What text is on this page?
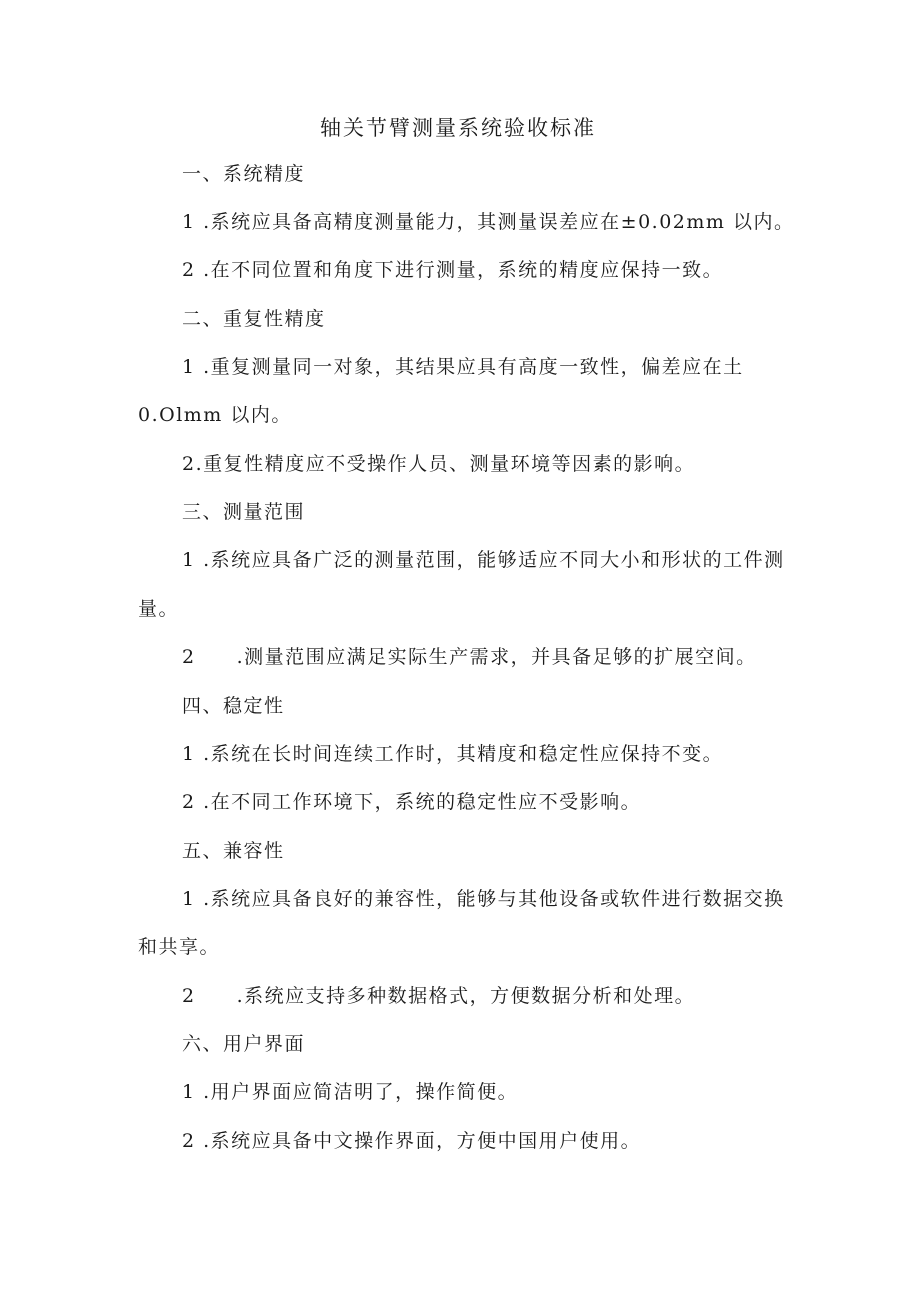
轴关节臂测量系统验收标准
一、系统精度
1 .系统应具备高精度测量能力，其测量误差应在±0.02mm 以内。
2 .在不同位置和角度下进行测量，系统的精度应保持一致。
二、重复性精度
1 .重复测量同一对象，其结果应具有高度一致性，偏差应在土
0.Olmm 以内。
2.重复性精度应不受操作人员、测量环境等因素的影响。
三、测量范围
1 .系统应具备广泛的测量范围，能够适应不同大小和形状的工件测
量。
2　　.测量范围应满足实际生产需求，并具备足够的扩展空间。
四、稳定性
1 .系统在长时间连续工作时，其精度和稳定性应保持不变。
2 .在不同工作环境下，系统的稳定性应不受影响。
五、兼容性
1 .系统应具备良好的兼容性，能够与其他设备或软件进行数据交换
和共享。
2　　.系统应支持多种数据格式，方便数据分析和处理。
六、用户界面
1 .用户界面应简洁明了，操作简便。
2 .系统应具备中文操作界面，方便中国用户使用。
